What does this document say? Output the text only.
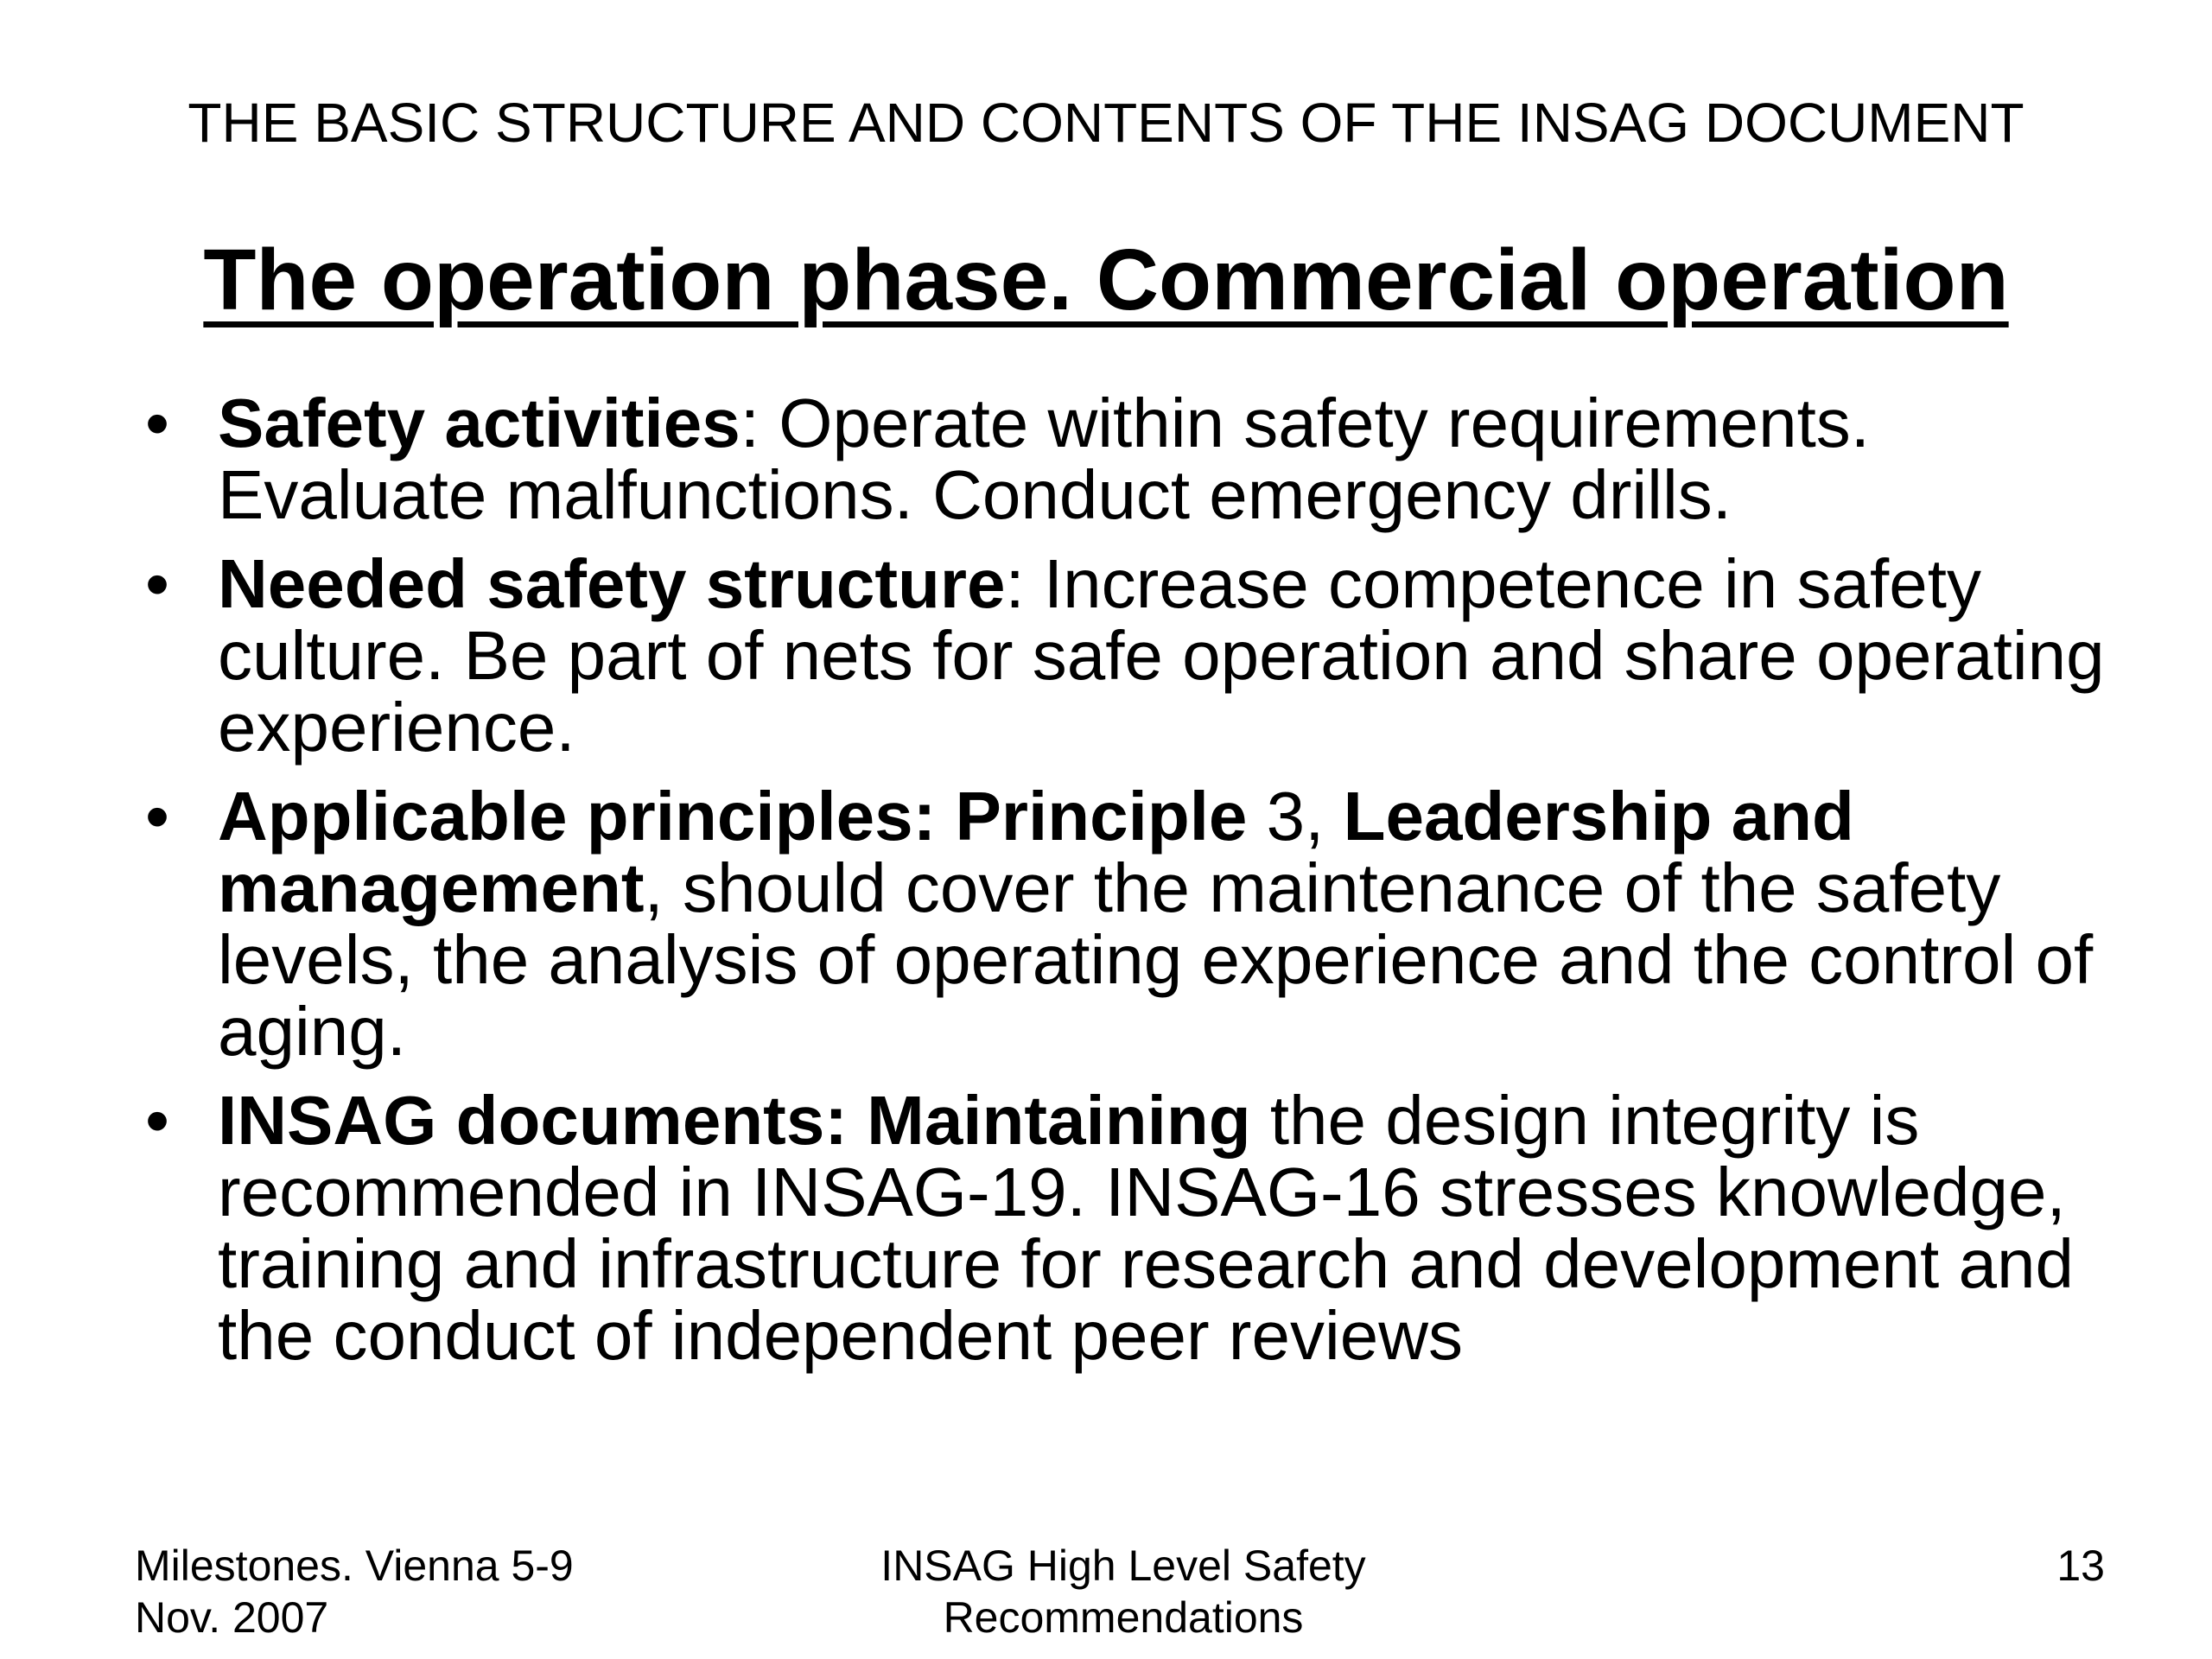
THE BASIC STRUCTURE AND CONTENTS OF THE INSAG DOCUMENT
The operation phase. Commercial operation
• Safety activities: Operate within safety requirements. Evaluate malfunctions. Conduct emergency drills.
• Needed safety structure: Increase competence in safety culture. Be part of nets for safe operation and share operating experience.
• Applicable principles: Principle 3, Leadership and management, should cover the maintenance of the safety levels, the analysis of operating experience and the control of aging.
• INSAG documents: Maintaining the design integrity is recommended in INSAG-19. INSAG-16 stresses knowledge, training and infrastructure for research and development and the conduct of independent peer reviews
Milestones. Vienna 5-9
Nov. 2007
INSAG High Level Safety
Recommendations
13
